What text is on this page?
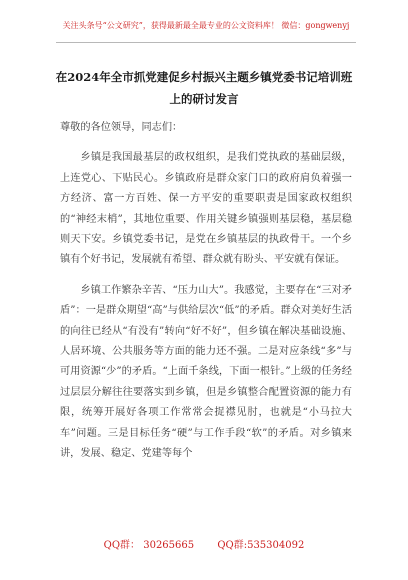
关注头条号“公文研究”，获得最新最全最专业的公文资料库！ 微信：gongwenyj
在2024年全市抓党建促乡村振兴主题乡镇党委书记培训班
上的研讨发言

尊敬的各位领导，同志们：

乡镇是我国最基层的政权组织，是我们党执政的基础层级，上连党心、下贴民心。乡镇政府是群众家门口的政府肩负着强一方经济、富一方百姓、保一方平安的重要职责是国家政权组织的“神经末梢”，其地位重要、作用关键乡镇强则基层稳，基层稳则天下安。乡镇党委书记，是党在乡镇基层的执政骨干。一个乡镇有个好书记，发展就有希望、群众就有盼头、平安就有保证。

乡镇工作繁杂辛苦、“压力山大”。我感觉，主要存在“三对矛盾”：一是群众期望“高”与供给层次“低”的矛盾。群众对美好生活的向往已经从“有没有”转向“好不好”，但乡镇在解决基础设施、人居环境、公共服务等方面的能力还不强。二是对应条线“多”与可用资源“少”的矛盾。“上面千条线，下面一根针。”上级的任务经过层层分解往往要落实到乡镇，但是乡镇整合配置资源的能力有限，统筹开展好各项工作常常会捉襟见肘，也就是“小马拉大车”问题。三是目标任务“硬”与工作手段“软”的矛盾。对乡镇来讲，发展、稳定、党建等每个

QQ群： 30265665 QQ群:535304092
